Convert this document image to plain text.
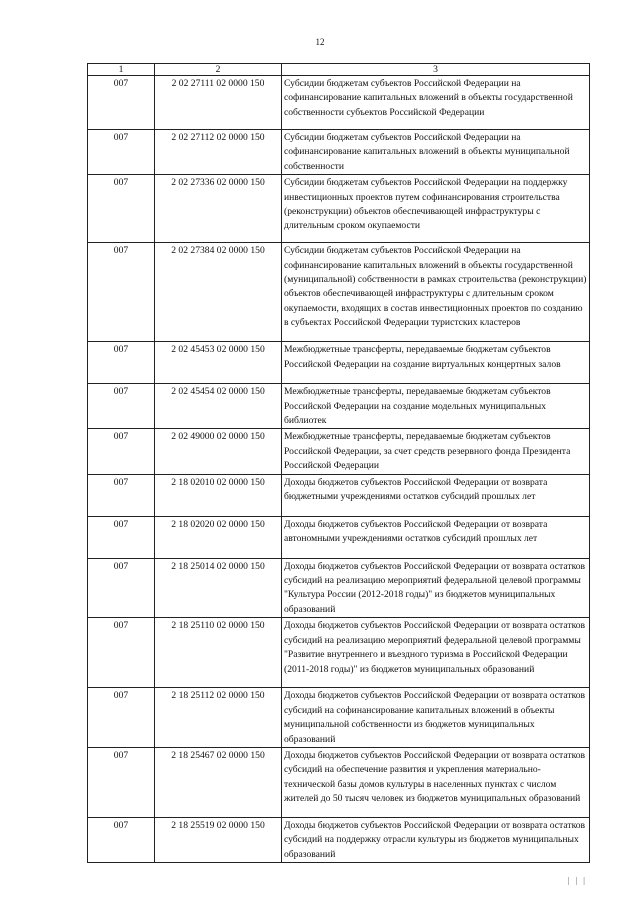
12
1	2	3
007	2 02 27111 02 0000 150	Субсидии бюджетам субъектов Российской Федерации на софинансирование капитальных вложений в объекты государственной собственности субъектов Российской Федерации
007	2 02 27112 02 0000 150	Субсидии бюджетам субъектов Российской Федерации на софинансирование капитальных вложений в объекты муниципальной собственности
007	2 02 27336 02 0000 150	Субсидии бюджетам субъектов Российской Федерации на поддержку инвестиционных проектов путем софинансирования строительства (реконструкции) объектов обеспечивающей инфраструктуры с длительным сроком окупаемости
007	2 02 27384 02 0000 150	Субсидии бюджетам субъектов Российской Федерации на софинансирование капитальных вложений в объекты государственной (муниципальной) собственности в рамках строительства (реконструкции) объектов обеспечивающей инфраструктуры с длительным сроком окупаемости, входящих в состав инвестиционных проектов по созданию в субъектах Российской Федерации туристских кластеров
007	2 02 45453 02 0000 150	Межбюджетные трансферты, передаваемые бюджетам субъектов Российской Федерации на создание виртуальных концертных залов
007	2 02 45454 02 0000 150	Межбюджетные трансферты, передаваемые бюджетам субъектов Российской Федерации на создание модельных муниципальных библиотек
007	2 02 49000 02 0000 150	Межбюджетные трансферты, передаваемые бюджетам субъектов Российской Федерации, за счет средств резервного фонда Президента Российской Федерации
007	2 18 02010 02 0000 150	Доходы бюджетов субъектов Российской Федерации от возврата бюджетными учреждениями остатков субсидий прошлых лет
007	2 18 02020 02 0000 150	Доходы бюджетов субъектов Российской Федерации от возврата автономными учреждениями остатков субсидий прошлых лет
007	2 18 25014 02 0000 150	Доходы бюджетов субъектов Российской Федерации от возврата остатков субсидий на реализацию мероприятий федеральной целевой программы "Культура России (2012-2018 годы)" из бюджетов муниципальных образований
007	2 18 25110 02 0000 150	Доходы бюджетов субъектов Российской Федерации от возврата остатков субсидий на реализацию мероприятий федеральной целевой программы "Развитие внутреннего и въездного туризма в Российской Федерации (2011-2018 годы)" из бюджетов муниципальных образований
007	2 18 25112 02 0000 150	Доходы бюджетов субъектов Российской Федерации от возврата остатков субсидий на софинансирование капитальных вложений в объекты муниципальной собственности из бюджетов муниципальных образований
007	2 18 25467 02 0000 150	Доходы бюджетов субъектов Российской Федерации от возврата остатков субсидий на обеспечение развития и укрепления материально-технической базы домов культуры в населенных пунктах с числом жителей до 50 тысяч человек из бюджетов муниципальных образований
007	2 18 25519 02 0000 150	Доходы бюджетов субъектов Российской Федерации от возврата остатков субсидий на поддержку отрасли культуры из бюджетов муниципальных образований
| | |
